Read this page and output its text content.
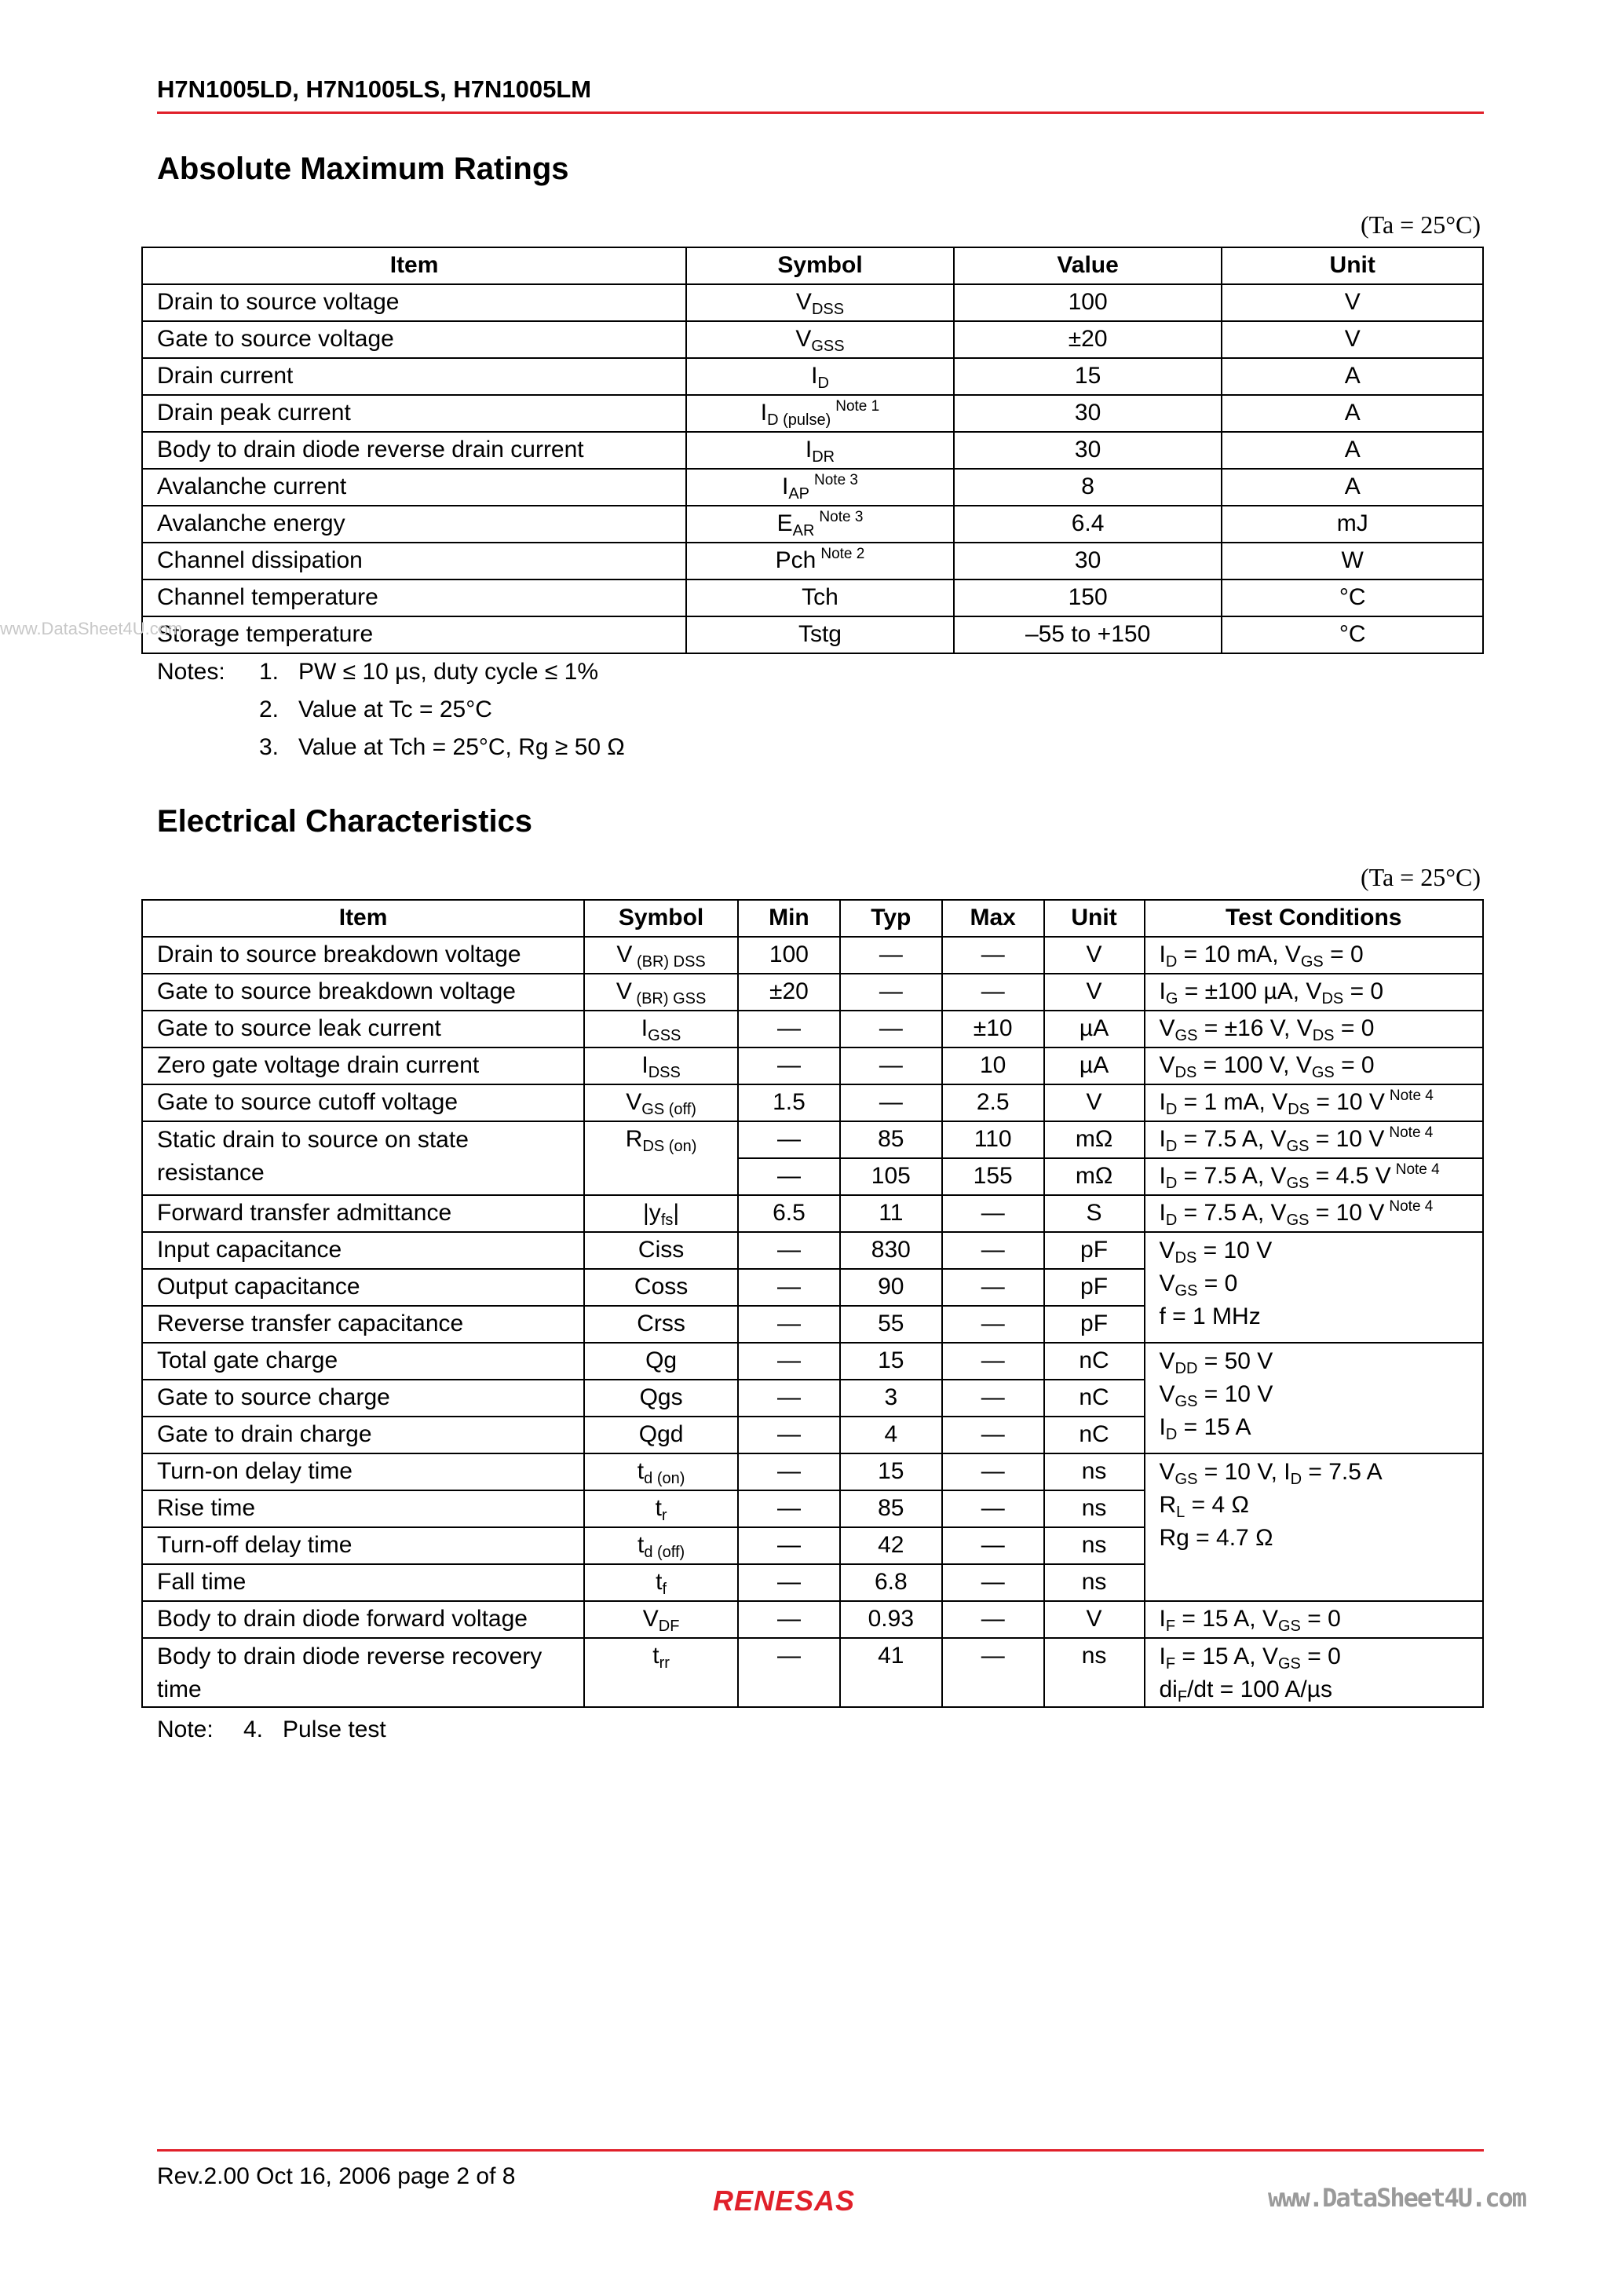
H7N1005LD, H7N1005LS, H7N1005LM
Absolute Maximum Ratings
(Ta = 25°C)
Item	Symbol	Value	Unit
Drain to source voltage	$V_{DSS}$	100	V
Gate to source voltage	$V_{GSS}$	±20	V
Drain current	$I_D$	15	A
Drain peak current	$I_{D (pulse)}^{Note 1}$	30	A
Body to drain diode reverse drain current	$I_{DR}$	30	A
Avalanche current	$I_{AP}^{Note 3}$	8	A
Avalanche energy	$E_{AR}^{Note 3}$	6.4	mJ
Channel dissipation	Pch $^{Note 2}$	30	W
Channel temperature	Tch	150	°C
Storage temperature	Tstg	–55 to +150	°C
Notes: 1. PW ≤ 10 µs, duty cycle ≤ 1%
2. Value at Tc = 25°C
3. Value at Tch = 25°C, Rg ≥ 50 Ω
Electrical Characteristics
(Ta = 25°C)
Item	Symbol	Min	Typ	Max	Unit	Test Conditions
Drain to source breakdown voltage	V $_{(BR) DSS}$	100	—	—	V	$I_D = 10$ mA, $V_{GS} = 0$
Gate to source breakdown voltage	V $_{(BR) GSS}$	±20	—	—	V	$I_G = \pm 100$ µA, $V_{DS} = 0$
Gate to source leak current	$I_{GSS}$	—	—	±10	µA	$V_{GS} = \pm 16$ V, $V_{DS} = 0$
Zero gate voltage drain current	$I_{DSS}$	—	—	10	µA	$V_{DS} = 100$ V, $V_{GS} = 0$
Gate to source cutoff voltage	$V_{GS (off)}$	1.5	—	2.5	V	$I_D = 1$ mA, $V_{DS} = 10$ V $^{Note 4}$
Static drain to source on state resistance	$R_{DS (on)}$	—	85	110	mΩ	$I_D = 7.5$ A, $V_{GS} = 10$ V $^{Note 4}$
		—	105	155	mΩ	$I_D = 7.5$ A, $V_{GS} = 4.5$ V $^{Note 4}$
Forward transfer admittance	$|y_{fs}|$	6.5	11	—	S	$I_D = 7.5$ A, $V_{GS} = 10$ V $^{Note 4}$
Input capacitance	Ciss	—	830	—	pF	$V_{DS} = 10$ V
$V_{GS} = 0$
f = 1 MHz

Output capacitance	Coss	—	90	—	pF	
Reverse transfer capacitance	Crss	—	55	—	pF	
Total gate charge	Qg	—	15	—	nC	$V_{DD} = 50$ V
$V_{GS} = 10$ V
$I_D = 15$ A

Gate to source charge	Qgs	—	3	—	nC	
Gate to drain charge	Qgd	—	4	—	nC	
Turn-on delay time	$t_{d (on)}$	—	15	—	ns	$V_{GS} = 10$ V, $I_D = 7.5$ A
$R_L = 4$ Ω
Rg = 4.7 Ω

Rise time	$t_r$	—	85	—	ns	
Turn-off delay time	$t_{d (off)}$	—	42	—	ns	
Fall time	$t_f$	—	6.8	—	ns	
Body to drain diode forward voltage	$V_{DF}$	—	0.93	—	V	$I_F = 15$ A, $V_{GS} = 0$
Body to drain diode reverse recovery time	$t_{rr}$	—	41	—	ns	$I_F = 15$ A, $V_{GS} = 0$
$di_F/dt = 100$ A/µs
Note: 4. Pulse test
www.DataSheet4U.com
Rev.2.00 Oct 16, 2006 page 2 of 8
RENESAS	www.DataSheet4U.com
